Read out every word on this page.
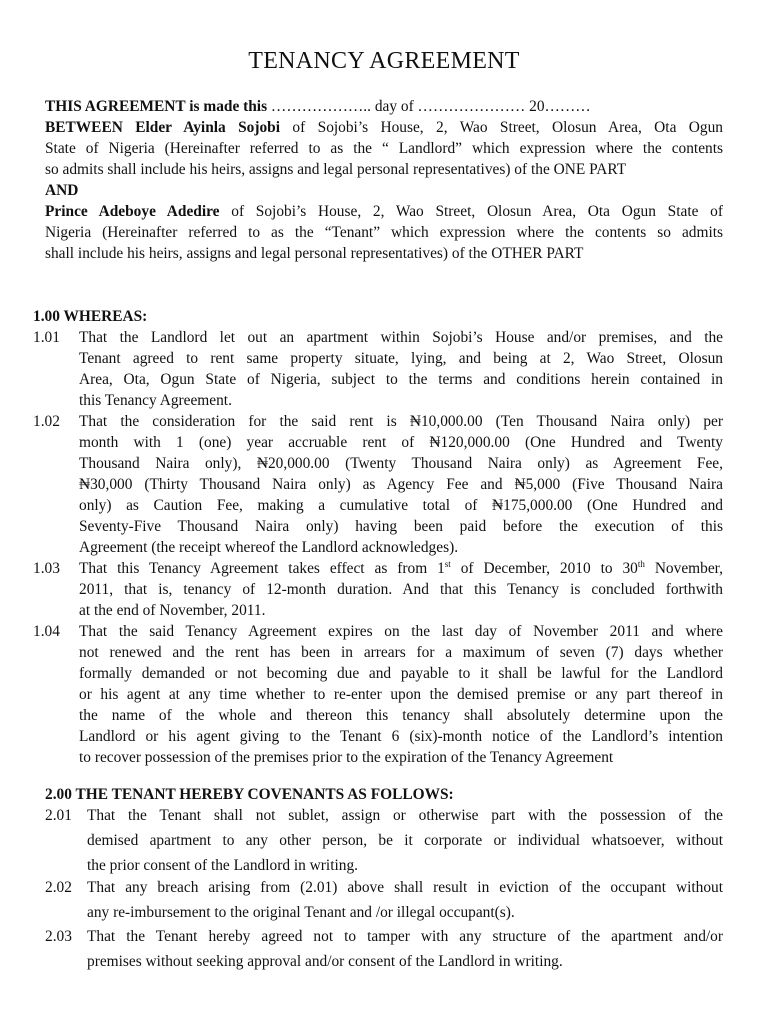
TENANCY AGREEMENT
THIS AGREEMENT is made this ……………….. day of ………………… 20………
BETWEEN Elder Ayinla Sojobi of Sojobi’s House, 2, Wao Street, Olosun Area, Ota Ogun
State of Nigeria (Hereinafter referred to as the “ Landlord” which expression where the contents
so admits shall include his heirs, assigns and legal personal representatives) of the ONE PART
AND
Prince Adeboye Adedire of Sojobi’s House, 2, Wao Street, Olosun Area, Ota Ogun State of
Nigeria (Hereinafter referred to as the “Tenant” which expression where the contents so admits
shall include his heirs, assigns and legal personal representatives) of the OTHER PART
1.00 WHEREAS:
1.01 That the Landlord let out an apartment within Sojobi’s House and/or premises, and the
Tenant agreed to rent same property situate, lying, and being at 2, Wao Street, Olosun
Area, Ota, Ogun State of Nigeria, subject to the terms and conditions herein contained in
this Tenancy Agreement.
1.02 That the consideration for the said rent is ₦10,000.00 (Ten Thousand Naira only) per
month with 1 (one) year accruable rent of ₦120,000.00 (One Hundred and Twenty
Thousand Naira only), ₦20,000.00 (Twenty Thousand Naira only) as Agreement Fee,
₦30,000 (Thirty Thousand Naira only) as Agency Fee and ₦5,000 (Five Thousand Naira
only) as Caution Fee, making a cumulative total of ₦175,000.00 (One Hundred and
Seventy-Five Thousand Naira only) having been paid before the execution of this
Agreement (the receipt whereof the Landlord acknowledges).
1.03 That this Tenancy Agreement takes effect as from 1st of December, 2010 to 30th November,
2011, that is, tenancy of 12-month duration. And that this Tenancy is concluded forthwith
at the end of November, 2011.
1.04 That the said Tenancy Agreement expires on the last day of November 2011 and where
not renewed and the rent has been in arrears for a maximum of seven (7) days whether
formally demanded or not becoming due and payable to it shall be lawful for the Landlord
or his agent at any time whether to re-enter upon the demised premise or any part thereof in
the name of the whole and thereon this tenancy shall absolutely determine upon the
Landlord or his agent giving to the Tenant 6 (six)-month notice of the Landlord’s intention
to recover possession of the premises prior to the expiration of the Tenancy Agreement
2.00 THE TENANT HEREBY COVENANTS AS FOLLOWS:
2.01 That the Tenant shall not sublet, assign or otherwise part with the possession of the
demised apartment to any other person, be it corporate or individual whatsoever, without
the prior consent of the Landlord in writing.
2.02 That any breach arising from (2.01) above shall result in eviction of the occupant without
any re-imbursement to the original Tenant and /or illegal occupant(s).
2.03 That the Tenant hereby agreed not to tamper with any structure of the apartment and/or
premises without seeking approval and/or consent of the Landlord in writing.
